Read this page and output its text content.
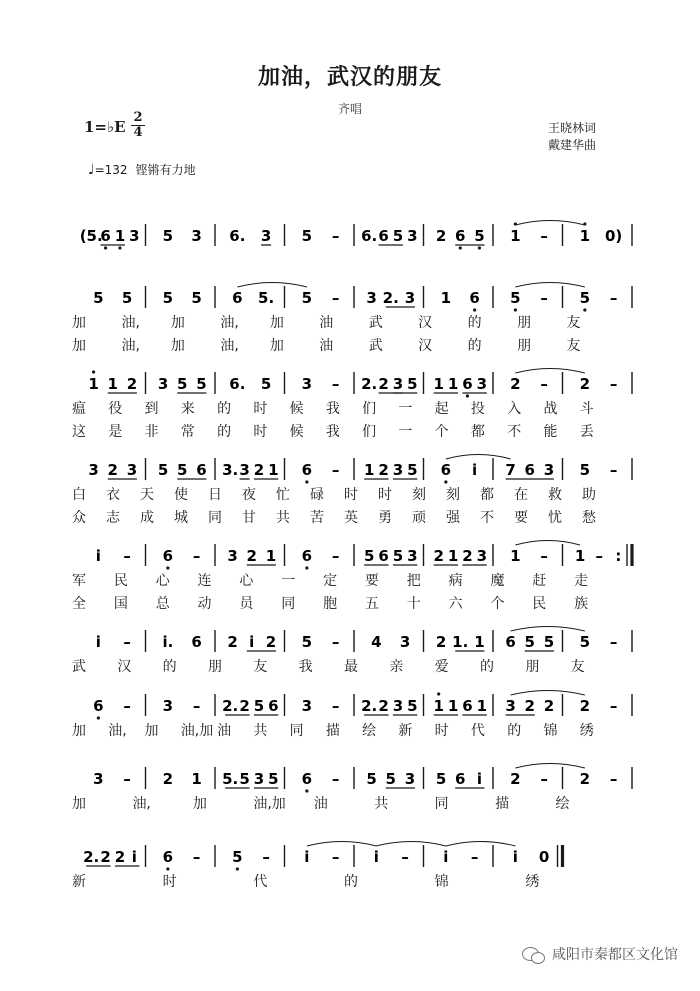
加油，武汉的朋友
齐唱
1=♭E
2
4	王晓林词
戴建华曲
♩=132 铿锵有力地
(5.
6 1 3 5 3 6. 3 5 – 6. 6 5 3 2 6 5 1 – 1 0)
5 5 5 5 6 5. 5 – 3 2. 3 1 6 5 – 5 –
加	油, 加	油, 加	油	武	汉	的	朋	友
加	油, 加	油, 加	油	武	汉	的	朋	友
1 1 2 3 5 5 6. 5 3 – 2. 2 3 5 1 1 6 3 2 – 2 –
瘟 役 到 来 的 时 候 我 们 一 起 投 入 战 斗
这 是 非 常 的 时 候 我 们 一 个 都 不 能 丢
3 2 3 5 5 6 3. 3 2 1 6 – 1 2 3 5 6 i 7 6 3 5 –
白 衣 天 使 日 夜 忙 碌 时 时 刻 刻 都 在 救 助
众 志 成 城 同 甘 共 苦 英 勇 顽 强 不 要 忧 愁
i – 6 – 3 2 1 6 – 5 6 5 3 2 1 2 3 1 – 1 – :
军 民 心 连 心 一 定 要 把 病 魔 赶 走
全 国 总 动 员 同 胞 五 十 六 个 民 族
i – i. 6 2 i 2 5 – 4 3 2 1. 1 6 5 5 5 –
武 汉 的 朋 友 我 最 亲 爱 的 朋 友
6 – 3 – 2. 2 5 6 3 – 2. 2 3 5 1 1 6 1 3 2 2 2 –
加 油, 加 油,加 油 共 同 描 绘 新 时 代 的 锦 绣
3 – 2 1 5. 5 3 5 6 – 5 5 3 5 6 i 2 – 2 –
加	油,	加	油,加 油	共	同	描	绘
2. 2 2 i 6 – 5 – i – i – i – i 0
新	时	代	的	锦	绣
咸阳市秦都区文化馆
